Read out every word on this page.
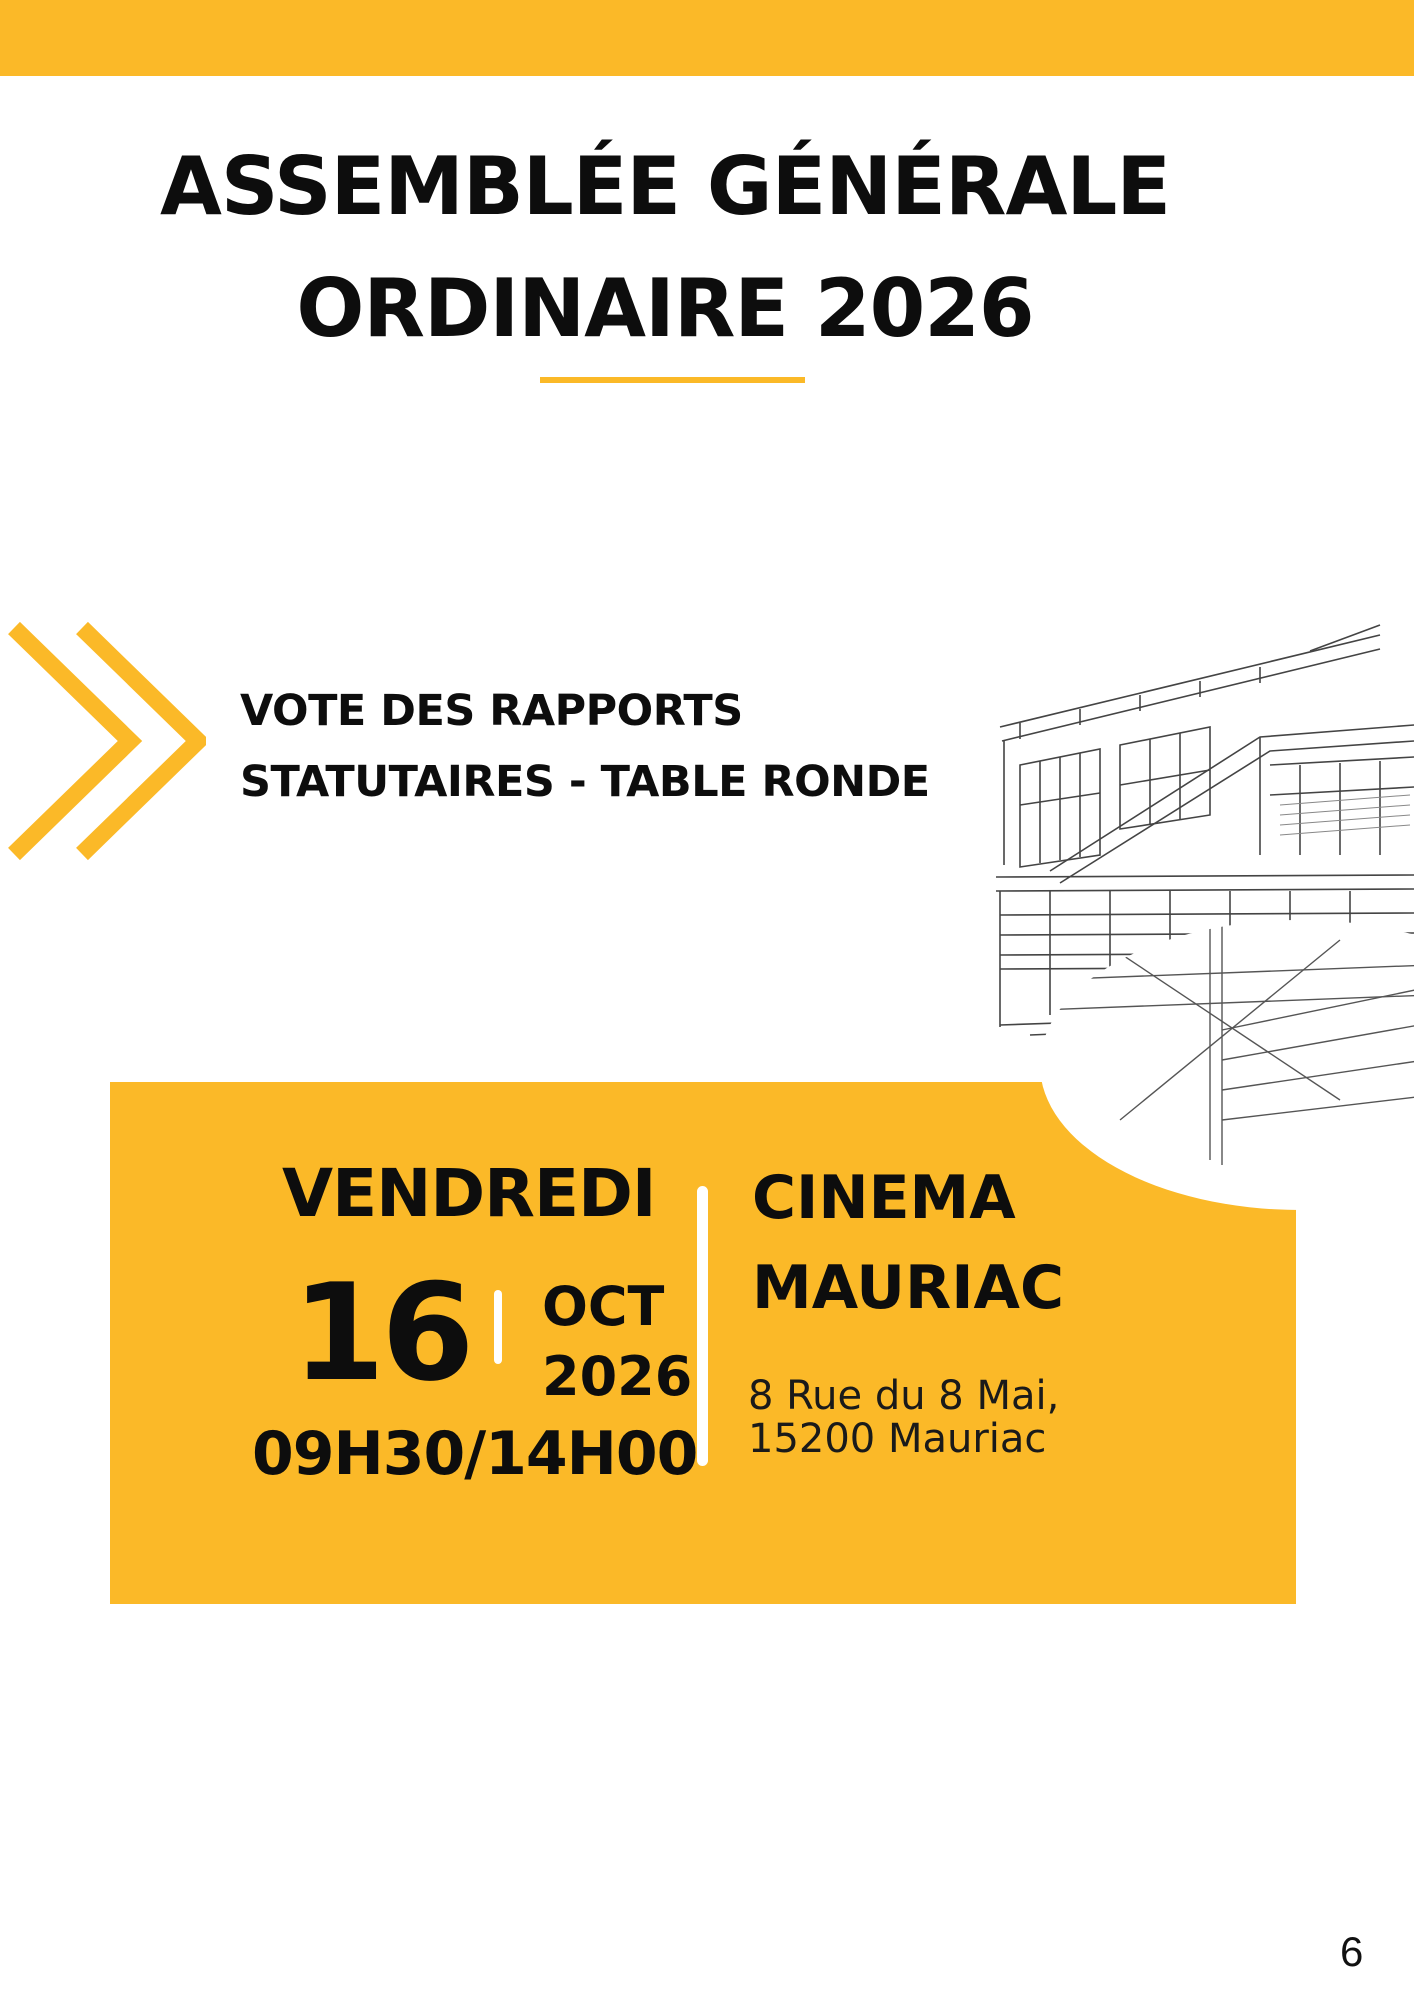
ASSEMBLÉE GÉNÉRALE
ORDINAIRE 2026
VOTE DES RAPPORTS
STATUTAIRES - TABLE RONDE
VENDREDI
16 OCT
2026
09H30/14H00
CINEMA
MAURIAC
8 Rue du 8 Mai,
15200 Mauriac
6
